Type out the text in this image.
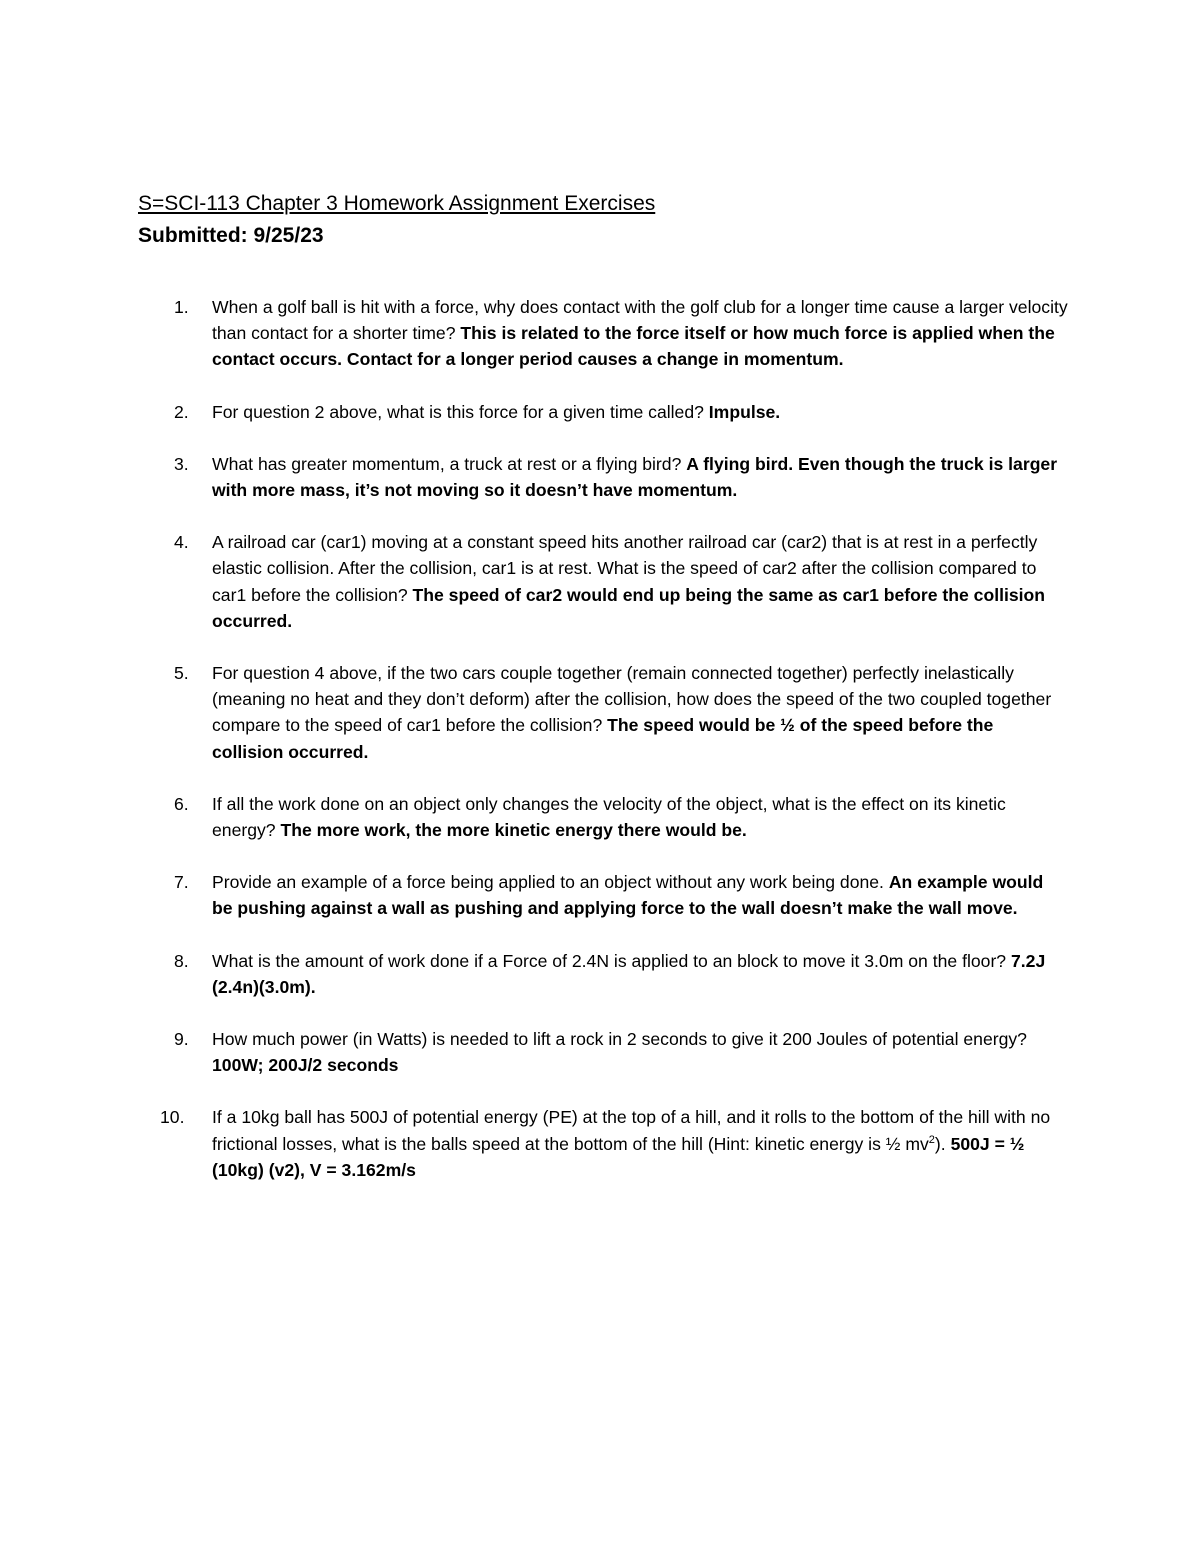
S=SCI-113 Chapter 3 Homework Assignment Exercises
Submitted: 9/25/23
1.	When a golf ball is hit with a force, why does contact with the golf club for a longer time cause a larger velocity than contact for a shorter time? This is related to the force itself or how much force is applied when the contact occurs. Contact for a longer period causes a change in momentum.
2.	For question 2 above, what is this force for a given time called? Impulse.
3.	What has greater momentum, a truck at rest or a flying bird? A flying bird. Even though the truck is larger with more mass, it’s not moving so it doesn’t have momentum.
4.	A railroad car (car1) moving at a constant speed hits another railroad car (car2) that is at rest in a perfectly elastic collision. After the collision, car1 is at rest. What is the speed of car2 after the collision compared to car1 before the collision? The speed of car2 would end up being the same as car1 before the collision occurred.
5.	For question 4 above, if the two cars couple together (remain connected together) perfectly inelastically (meaning no heat and they don’t deform) after the collision, how does the speed of the two coupled together compare to the speed of car1 before the collision? The speed would be ½ of the speed before the collision occurred.
6.	If all the work done on an object only changes the velocity of the object, what is the effect on its kinetic energy? The more work, the more kinetic energy there would be.
7.	Provide an example of a force being applied to an object without any work being done. An example would be pushing against a wall as pushing and applying force to the wall doesn’t make the wall move.
8.	What is the amount of work done if a Force of 2.4N is applied to an block to move it 3.0m on the floor? 7.2J (2.4n)(3.0m).
9.	How much power (in Watts) is needed to lift a rock in 2 seconds to give it 200 Joules of potential energy? 100W; 200J/2 seconds
10.	If a 10kg ball has 500J of potential energy (PE) at the top of a hill, and it rolls to the bottom of the hill with no frictional losses, what is the balls speed at the bottom of the hill (Hint: kinetic energy is ½ $mv^2$). 500J = ½ (10kg) (v2), V = 3.162m/s
